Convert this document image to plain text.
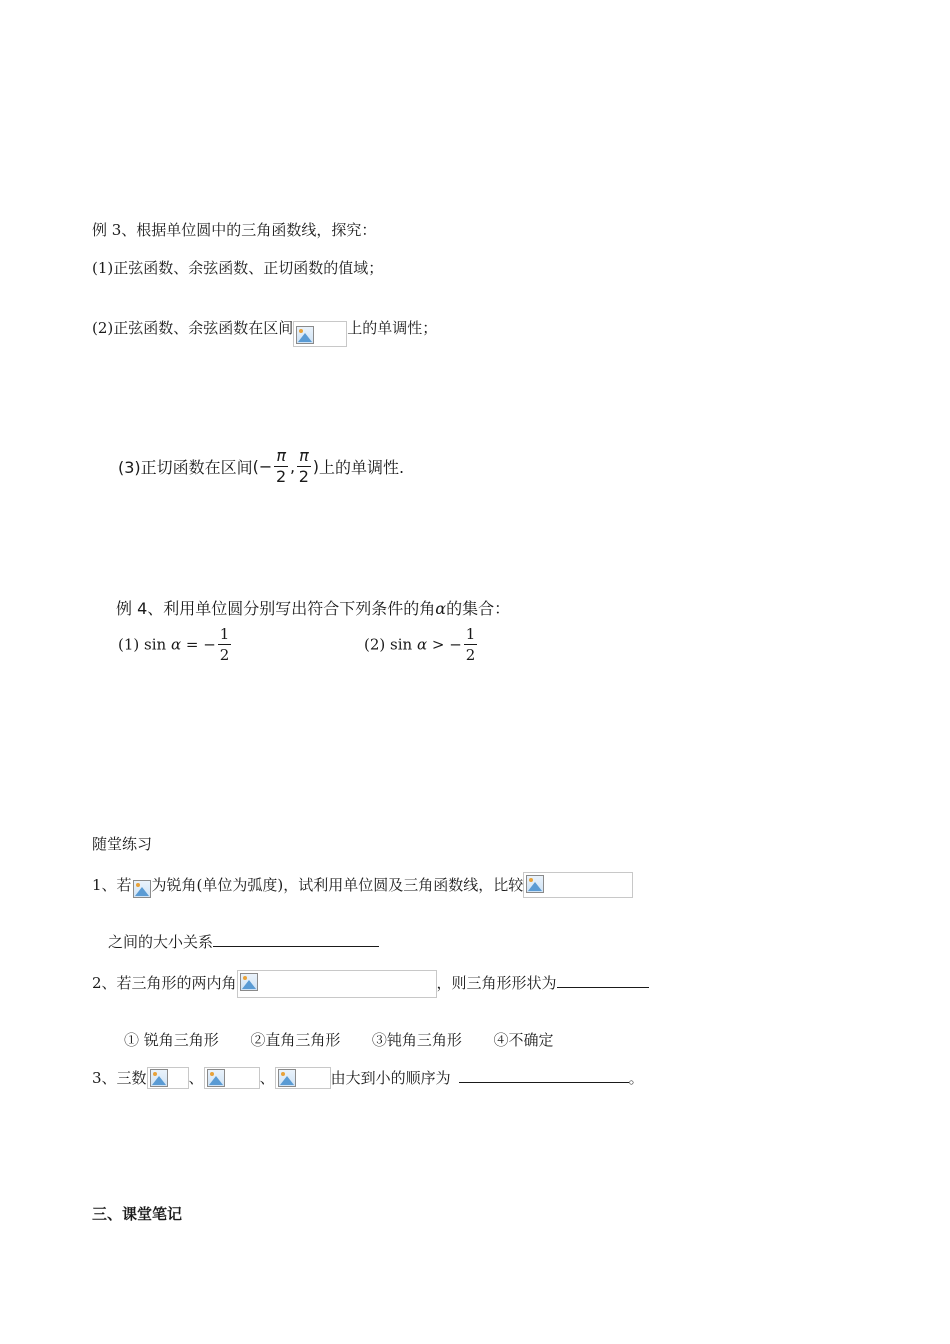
例 3、根据单位圆中的三角函数线，探究：
(1)正弦函数、余弦函数、正切函数的值域；
(2)正弦函数、余弦函数在区间	上的单调性；
(3)正切函数在区间(− $\frac{\pi}{2}$ , $\frac{\pi}{2}$ )上的单调性.
例 4、利用单位圆分别写出符合下列条件的角α的集合：
(1) sin α = − $\frac{1}{2}$	(2) sin α > − $\frac{1}{2}$
随堂练习
1、若 为锐角(单位为弧度)，试利用单位圆及三角函数线，比较
之间的大小关系
2、若三角形的两内角	，则三角形形状为
① 锐角三角形 ②直角三角形 ③钝角三角形 ④不确定
3、三数	、	、	由大到小的顺序为	。
三、课堂笔记
